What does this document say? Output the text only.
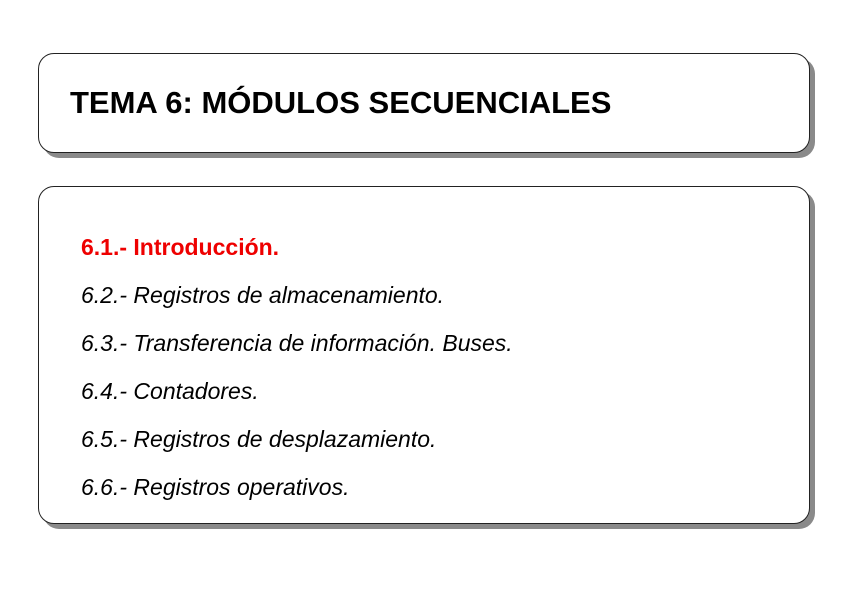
TEMA 6: MÓDULOS SECUENCIALES
6.1.- Introducción.
6.2.- Registros de almacenamiento.
6.3.- Transferencia de información. Buses.
6.4.- Contadores.
6.5.- Registros de desplazamiento.
6.6.- Registros operativos.
